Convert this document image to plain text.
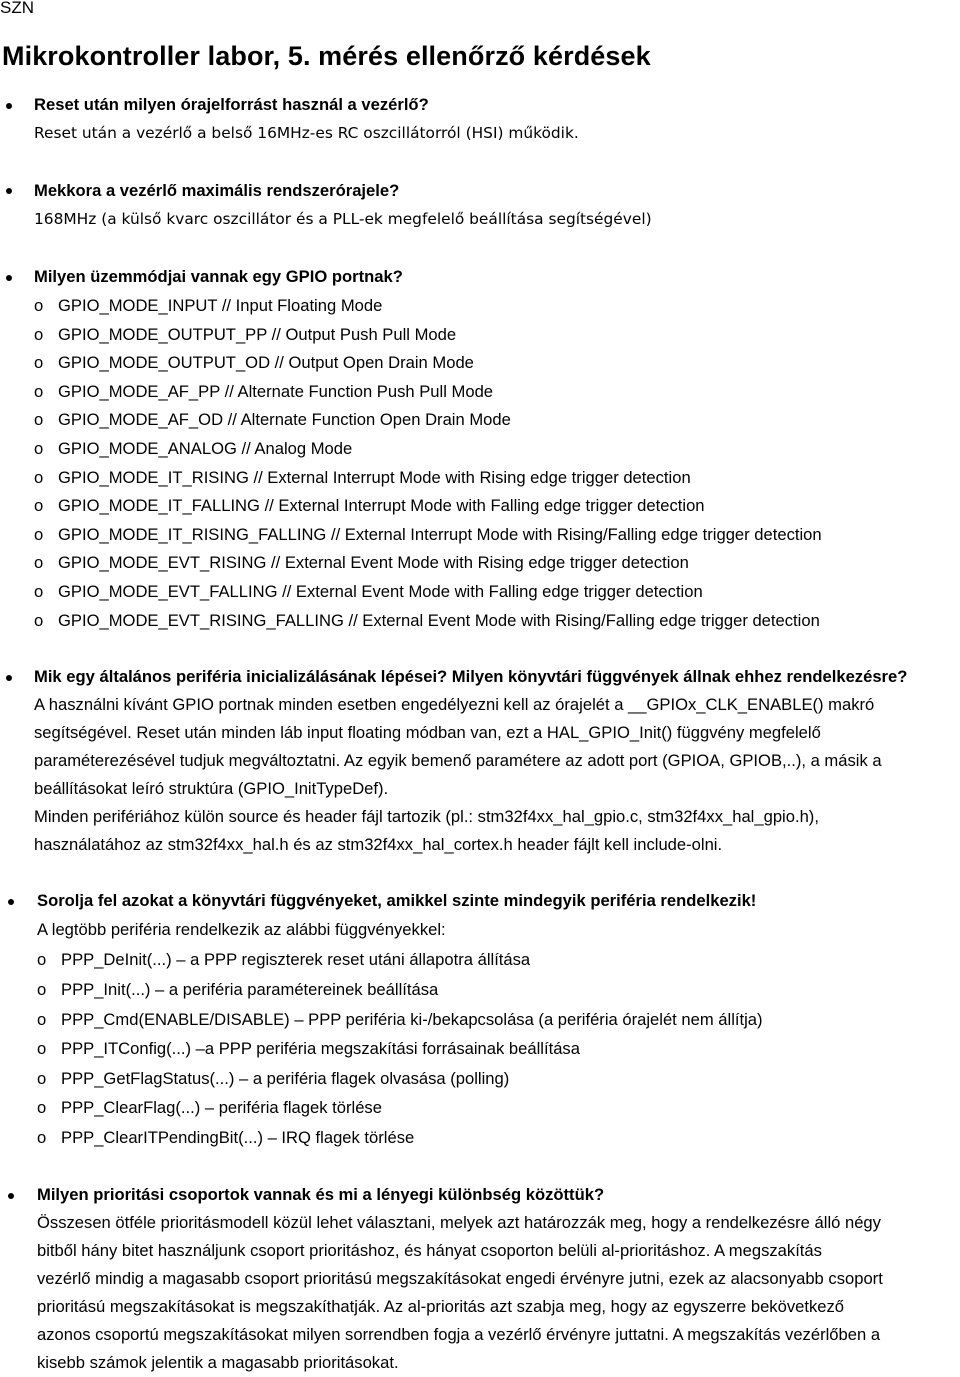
SZN
Mikrokontroller labor, 5. mérés ellenőrző kérdések
Reset után milyen órajelforrást használ a vezérlő?
Reset után a vezérlő a belső 16MHz-es RC oszcillátorról (HSI) működik.
Mekkora a vezérlő maximális rendszerórajele?
168MHz (a külső kvarc oszcillátor és a PLL-ek megfelelő beállítása segítségével)
Milyen üzemmódjai vannak egy GPIO portnak?
o GPIO_MODE_INPUT // Input Floating Mode
o GPIO_MODE_OUTPUT_PP // Output Push Pull Mode
o GPIO_MODE_OUTPUT_OD // Output Open Drain Mode
o GPIO_MODE_AF_PP // Alternate Function Push Pull Mode
o GPIO_MODE_AF_OD // Alternate Function Open Drain Mode
o GPIO_MODE_ANALOG // Analog Mode
o GPIO_MODE_IT_RISING // External Interrupt Mode with Rising edge trigger detection
o GPIO_MODE_IT_FALLING // External Interrupt Mode with Falling edge trigger detection
o GPIO_MODE_IT_RISING_FALLING // External Interrupt Mode with Rising/Falling edge trigger detection
o GPIO_MODE_EVT_RISING // External Event Mode with Rising edge trigger detection
o GPIO_MODE_EVT_FALLING // External Event Mode with Falling edge trigger detection
o GPIO_MODE_EVT_RISING_FALLING // External Event Mode with Rising/Falling edge trigger detection
Mik egy általános periféria inicializálásának lépései? Milyen könyvtári függvények állnak ehhez rendelkezésre?
A használni kívánt GPIO portnak minden esetben engedélyezni kell az órajelét a __GPIOx_CLK_ENABLE() makró
segítségével. Reset után minden láb input floating módban van, ezt a HAL_GPIO_Init() függvény megfelelő
paraméterezésével tudjuk megváltoztatni. Az egyik bemenő paramétere az adott port (GPIOA, GPIOB,..), a másik a
beállításokat leíró struktúra (GPIO_InitTypeDef).
Minden perifériához külön source és header fájl tartozik (pl.: stm32f4xx_hal_gpio.c, stm32f4xx_hal_gpio.h),
használatához az stm32f4xx_hal.h és az stm32f4xx_hal_cortex.h header fájlt kell include-olni.
Sorolja fel azokat a könyvtári függvényeket, amikkel szinte mindegyik periféria rendelkezik!
A legtöbb periféria rendelkezik az alábbi függvényekkel:
o PPP_DeInit(...) – a PPP regiszterek reset utáni állapotra állítása
o PPP_Init(...) – a periféria paramétereinek beállítása
o PPP_Cmd(ENABLE/DISABLE) – PPP periféria ki-/bekapcsolása (a periféria órajelét nem állítja)
o PPP_ITConfig(...) –a PPP periféria megszakítási forrásainak beállítása
o PPP_GetFlagStatus(...) – a periféria flagek olvasása (polling)
o PPP_ClearFlag(...) – periféria flagek törlése
o PPP_ClearITPendingBit(...) – IRQ flagek törlése
Milyen prioritási csoportok vannak és mi a lényegi különbség közöttük?
Összesen ötféle prioritásmodell közül lehet választani, melyek azt határozzák meg, hogy a rendelkezésre álló négy
bitből hány bitet használjunk csoport prioritáshoz, és hányat csoporton belüli al-prioritáshoz. A megszakítás
vezérlő mindig a magasabb csoport prioritású megszakításokat engedi érvényre jutni, ezek az alacsonyabb csoport
prioritású megszakításokat is megszakíthatják. Az al-prioritás azt szabja meg, hogy az egyszerre bekövetkező
azonos csoportú megszakításokat milyen sorrendben fogja a vezérlő érvényre juttatni. A megszakítás vezérlőben a
kisebb számok jelentik a magasabb prioritásokat.
